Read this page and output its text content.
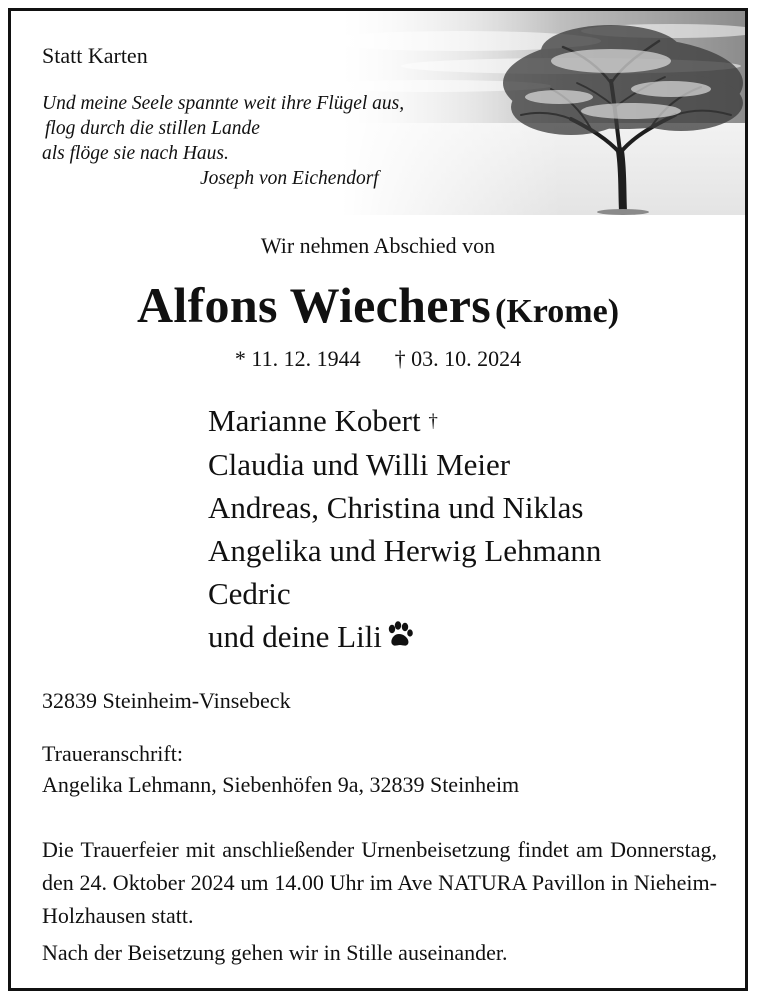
Statt Karten
Und meine Seele spannte weit ihre Flügel aus,
flog durch die stillen Lande
als flöge sie nach Haus.
Joseph von Eichendorf
Wir nehmen Abschied von
Alfons Wiechers (Krome)
* 11. 12. 1944 † 03. 10. 2024
Marianne Kobert †
Claudia und Willi Meier
Andreas, Christina und Niklas
Angelika und Herwig Lehmann
Cedric
und deine Lili
32839 Steinheim-Vinsebeck
Traueranschrift:
Angelika Lehmann, Siebenhöfen 9a, 32839 Steinheim
Die Trauerfeier mit anschließender Urnenbeisetzung findet am Donnerstag, den 24. Oktober 2024 um 14.00 Uhr im Ave NATURA Pavillon in Nieheim-Holzhausen statt.
Nach der Beisetzung gehen wir in Stille auseinander.
